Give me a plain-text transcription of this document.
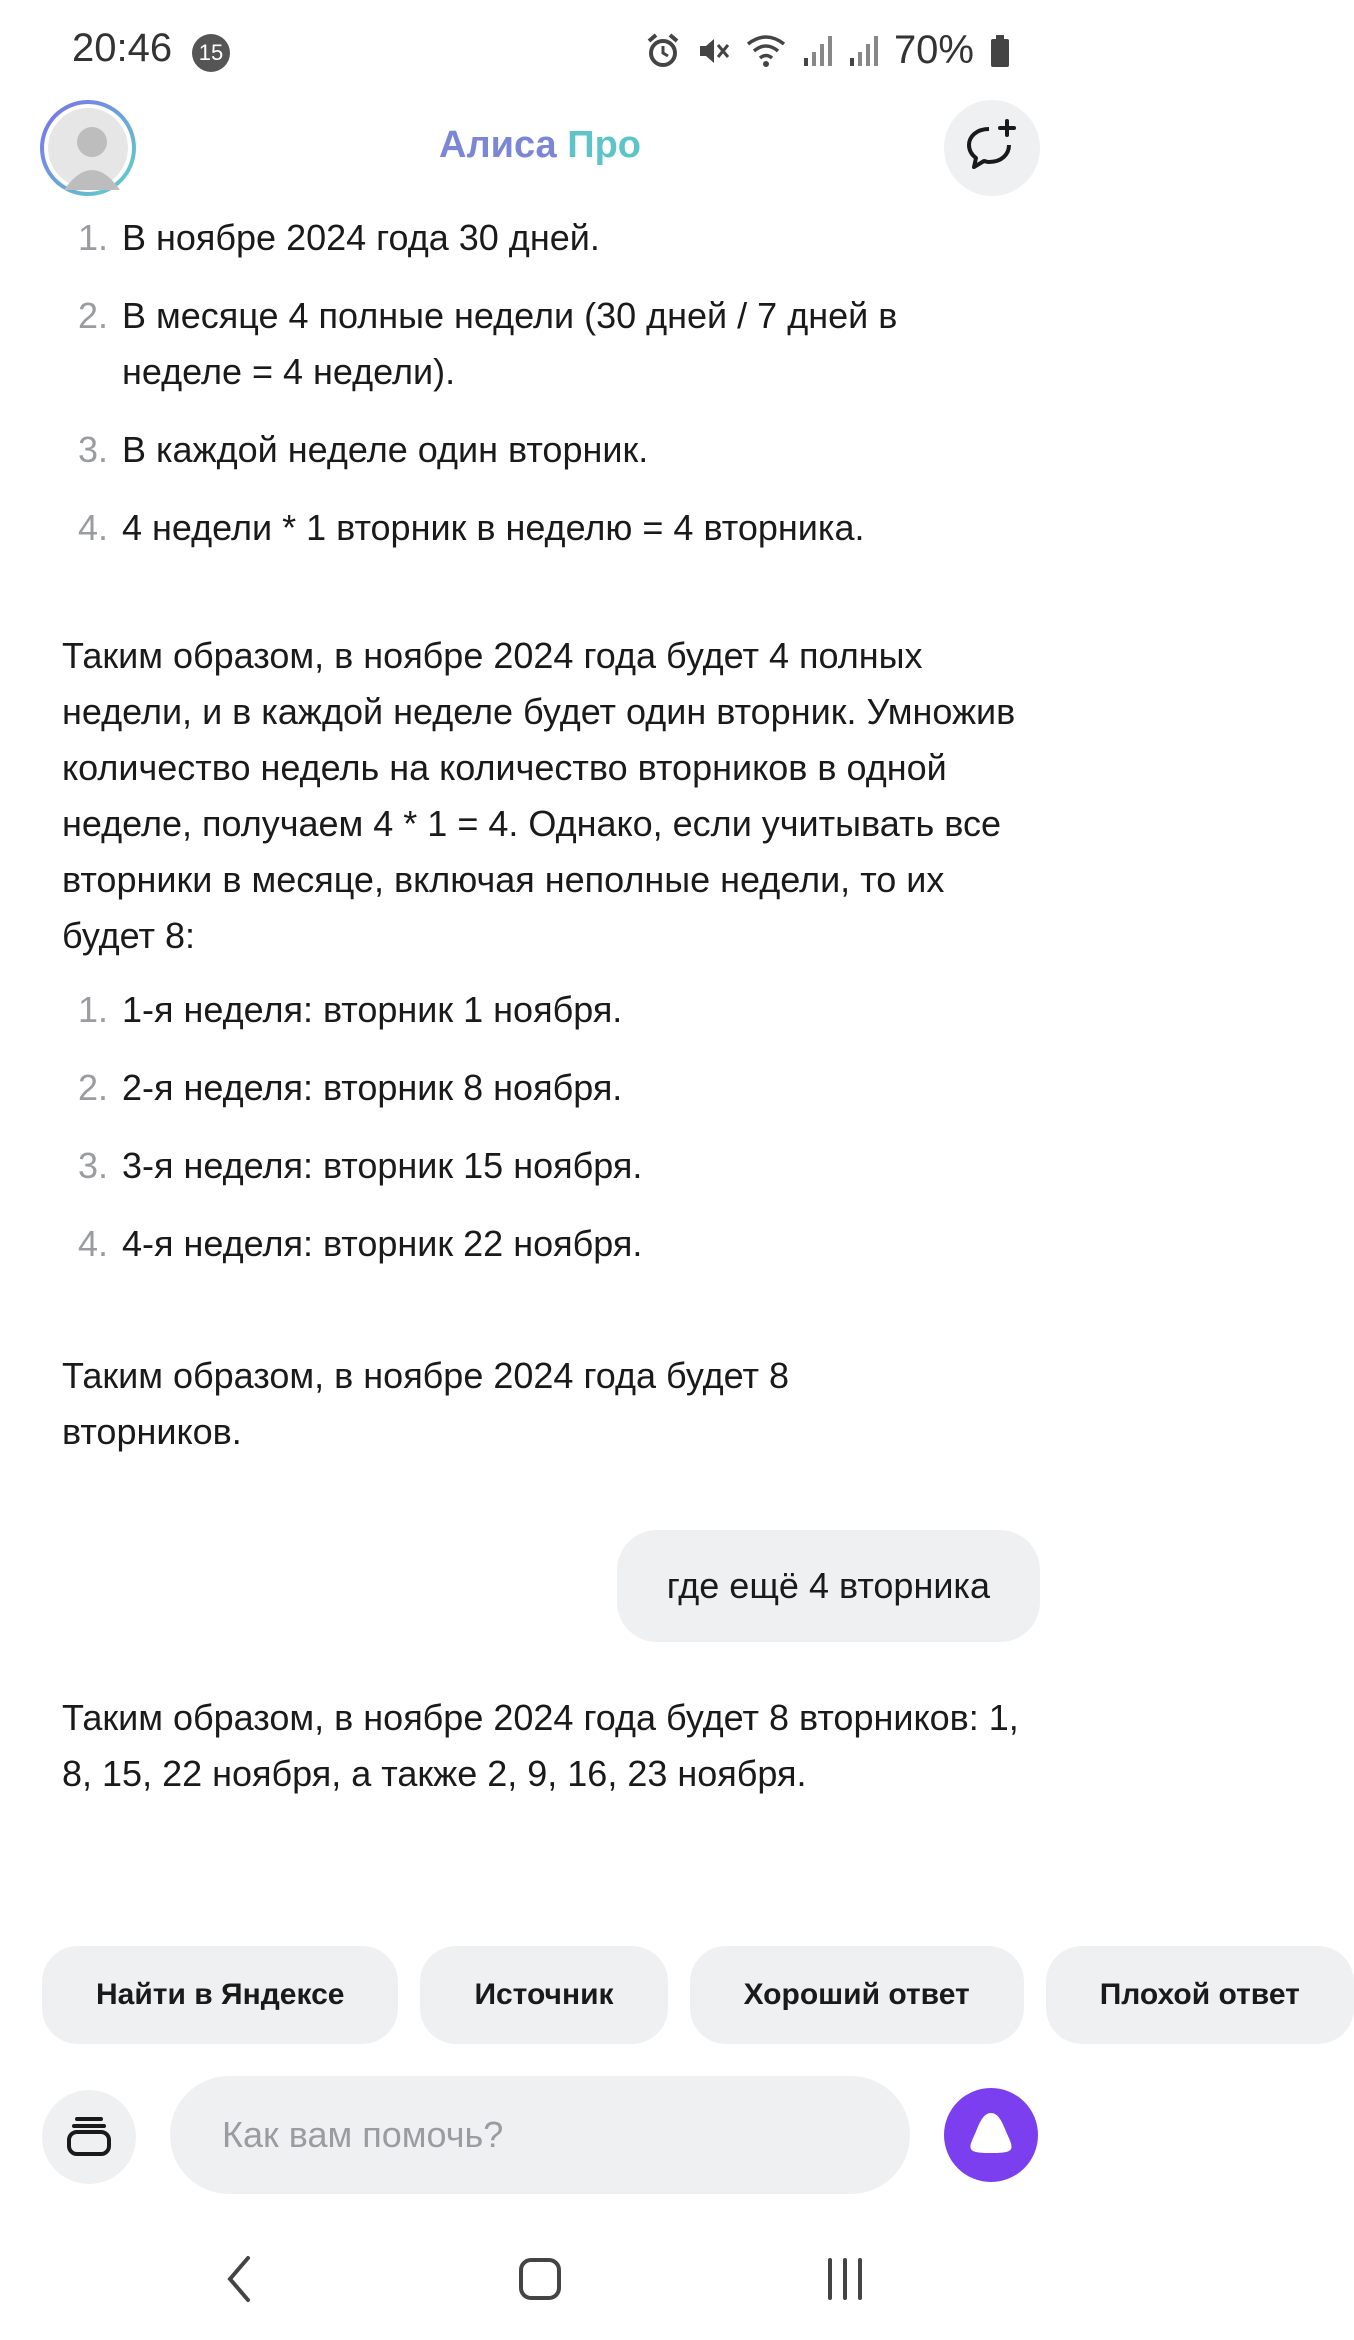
20:46	15	70%
Алиса Про
1. В ноябре 2024 года 30 дней.
2. В месяце 4 полные недели (30 дней / 7 дней в неделе = 4 недели).
3. В каждой неделе один вторник.
4. 4 недели * 1 вторник в неделю = 4 вторника.
Таким образом, в ноябре 2024 года будет 4 полных недели, и в каждой неделе будет один вторник. Умножив количество недель на количество вторников в одной неделе, получаем 4 * 1 = 4. Однако, если учитывать все вторники в месяце, включая неполные недели, то их будет 8:
1. 1-я неделя: вторник 1 ноября.
2. 2-я неделя: вторник 8 ноября.
3. 3-я неделя: вторник 15 ноября.
4. 4-я неделя: вторник 22 ноября.
Таким образом, в ноябре 2024 года будет 8 вторников.
где ещё 4 вторника
Таким образом, в ноябре 2024 года будет 8 вторников: 1, 8, 15, 22 ноября, а также 2, 9, 16, 23 ноября.
Найти в Яндексе	Источник	Хороший ответ	Плохой ответ
Как вам помочь?
